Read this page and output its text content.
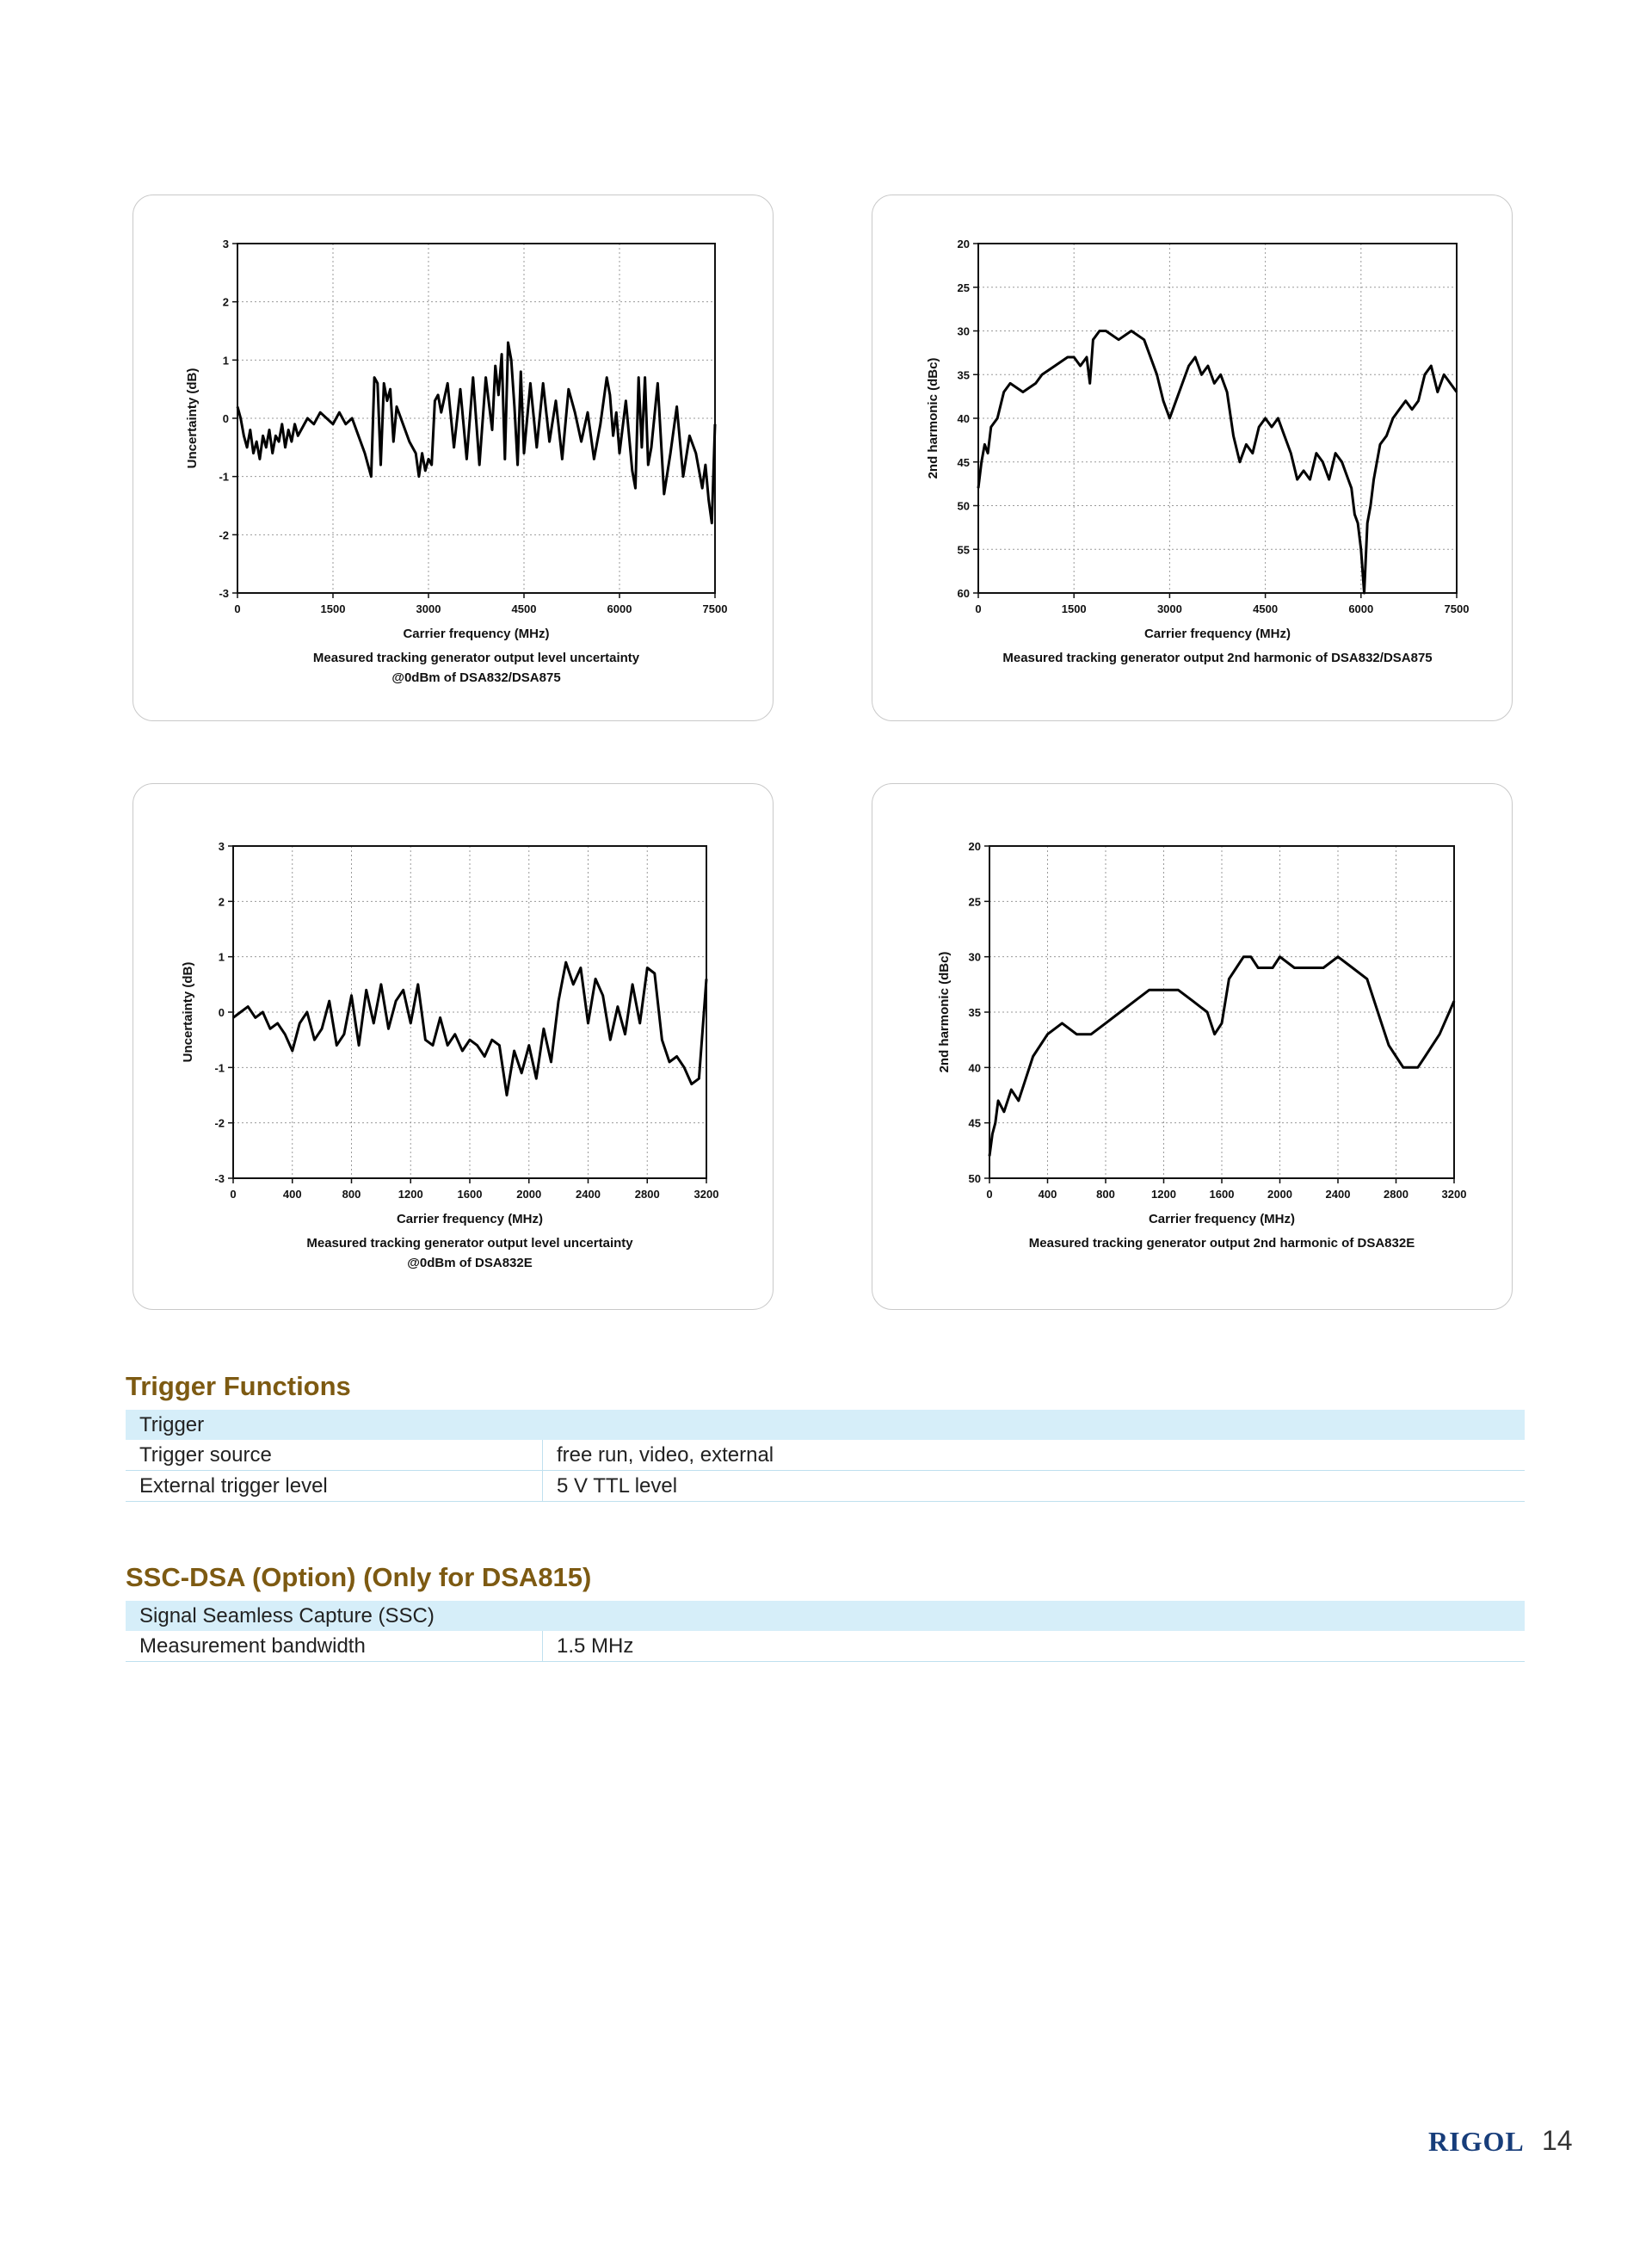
0	1500	3000	4500	6000	7500
3
2
1
0
-1
-2
-3
Carrier frequency (MHz)
Uncertainty (dB)
Measured tracking generator output level uncertainty
@0dBm of DSA832/DSA875
0	1500	3000	4500	6000	7500
20
25
30
35
40
45
50
55
60
Carrier frequency (MHz)
2nd harmonic (dBc)
Measured tracking generator output 2nd harmonic of DSA832/DSA875
0	400	800	1200	1600	2000	2400	2800	3200
3
2
1
0
-1
-2
-3
Carrier frequency (MHz)
Uncertainty (dB)
Measured tracking generator output level uncertainty
@0dBm of DSA832E
0	400	800	1200	1600	2000	2400	2800	3200
20
25
30
35
40
45
50
Carrier frequency (MHz)
2nd harmonic (dBc)
Measured tracking generator output 2nd harmonic of DSA832E
Trigger Functions
Trigger	
Trigger source	free run, video, external
External trigger level	5 V TTL level
SSC-DSA (Option) (Only for DSA815)
Signal Seamless Capture (SSC)
Measurement bandwidth	1.5 MHz
RIGOL 14
